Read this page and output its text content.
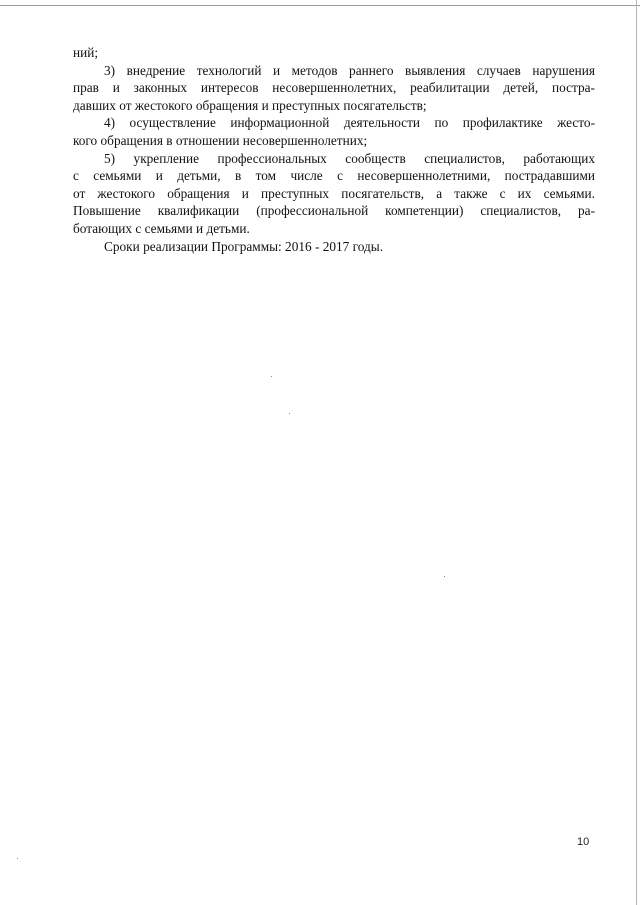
ний;

3) внедрение технологий и методов раннего выявления случаев нарушения
прав и законных интересов несовершеннолетних, реабилитации детей, постра-
давших от жестокого обращения и преступных посягательств;

4) осуществление информационной деятельности по профилактике жесто-
кого обращения в отношении несовершеннолетних;

5) укрепление профессиональных сообществ специалистов, работающих
с семьями и детьми, в том числе с несовершеннолетними, пострадавшими
от жестокого обращения и преступных посягательств, а также с их семьями.
Повышение квалификации (профессиональной компетенции) специалистов, ра-
ботающих с семьями и детьми.

Сроки реализации Программы: 2016 - 2017 годы.

10
